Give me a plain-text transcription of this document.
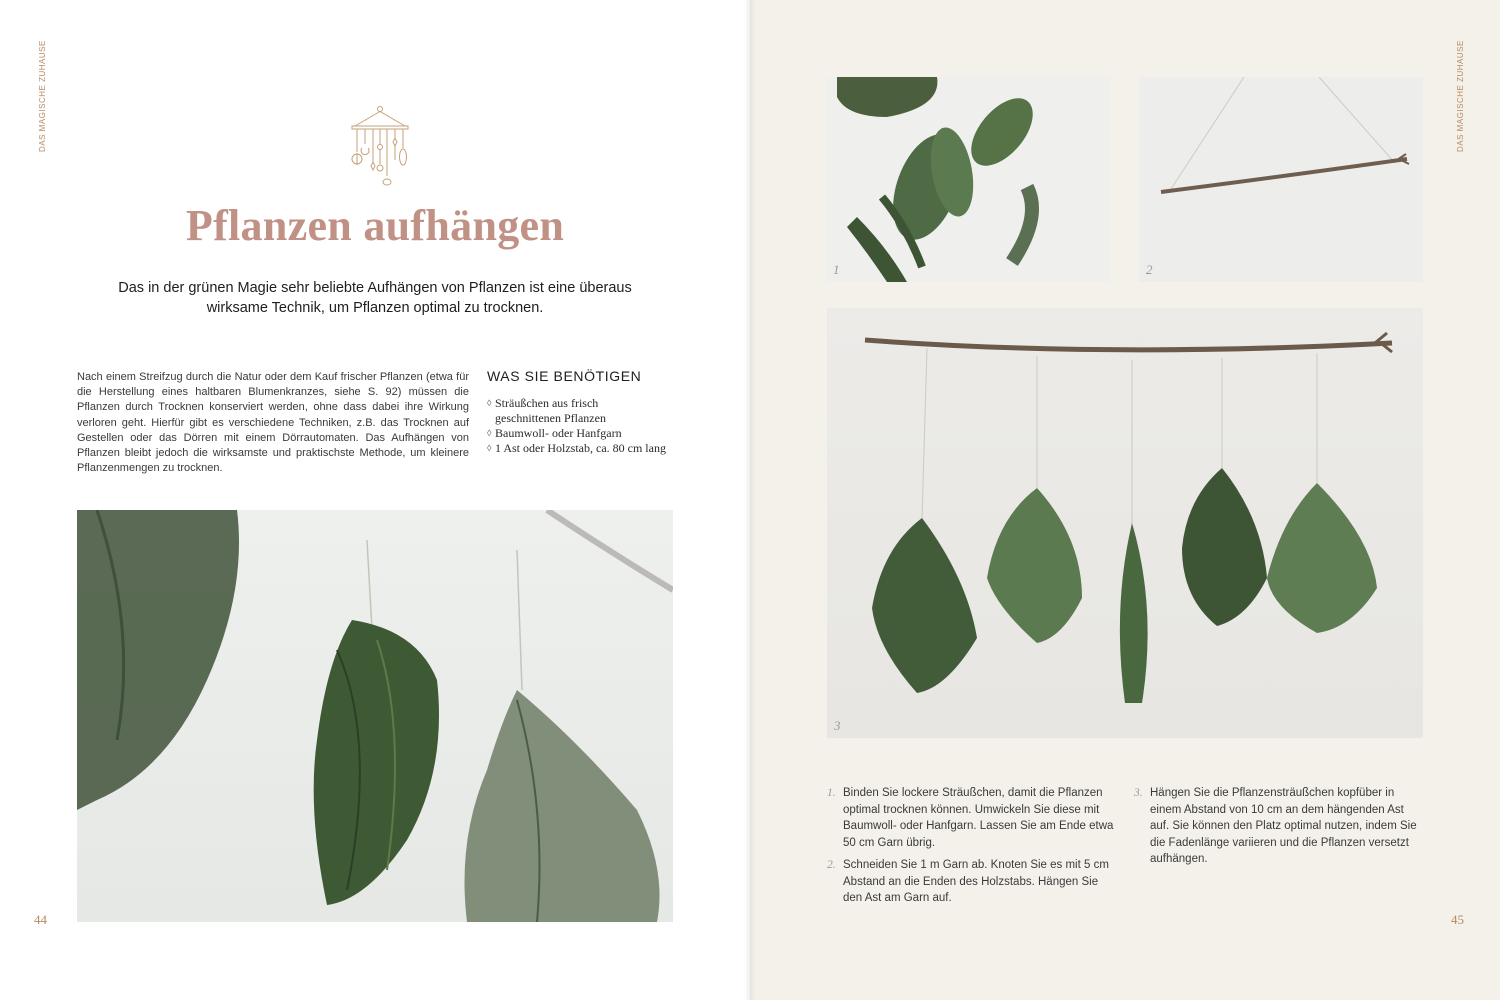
DAS MAGISCHE ZUHAUSE
Pflanzen aufhängen

Das in der grünen Magie sehr beliebte Aufhängen von Pflanzen ist eine überaus wirksame Technik, um Pflanzen optimal zu trocknen.

Nach einem Streifzug durch die Natur oder dem Kauf frischer Pflanzen (etwa für die Herstellung eines haltbaren Blumenkranzes, siehe S. 92) müssen die Pflanzen durch Trocknen konserviert werden, ohne dass dabei ihre Wirkung verloren geht. Hierfür gibt es verschiedene Techniken, z.B. das Trocknen auf Gestellen oder das Dörren mit einem Dörrautomaten. Das Aufhängen von Pflanzen bleibt jedoch die wirksamste und praktischste Methode, um kleinere Pflanzenmengen zu trocknen.

WAS SIE BENÖTIGEN
◊ Sträußchen aus frisch geschnittenen Pflanzen
◊ Baumwoll- oder Hanfgarn
◊ 1 Ast oder Holzstab, ca. 80 cm lang
44
DAS MAGISCHE ZUHAUSE
1	2
3
1. Binden Sie lockere Sträußchen, damit die Pflanzen optimal trocknen können. Umwickeln Sie diese mit Baumwoll- oder Hanfgarn. Lassen Sie am Ende etwa 50 cm Garn übrig.
2. Schneiden Sie 1 m Garn ab. Knoten Sie es mit 5 cm Abstand an die Enden des Holzstabs. Hängen Sie den Ast am Garn auf.
3. Hängen Sie die Pflanzensträußchen kopfüber in einem Abstand von 10 cm an dem hängenden Ast auf. Sie können den Platz optimal nutzen, indem Sie die Fadenlänge variieren und die Pflanzen versetzt aufhängen.
45
